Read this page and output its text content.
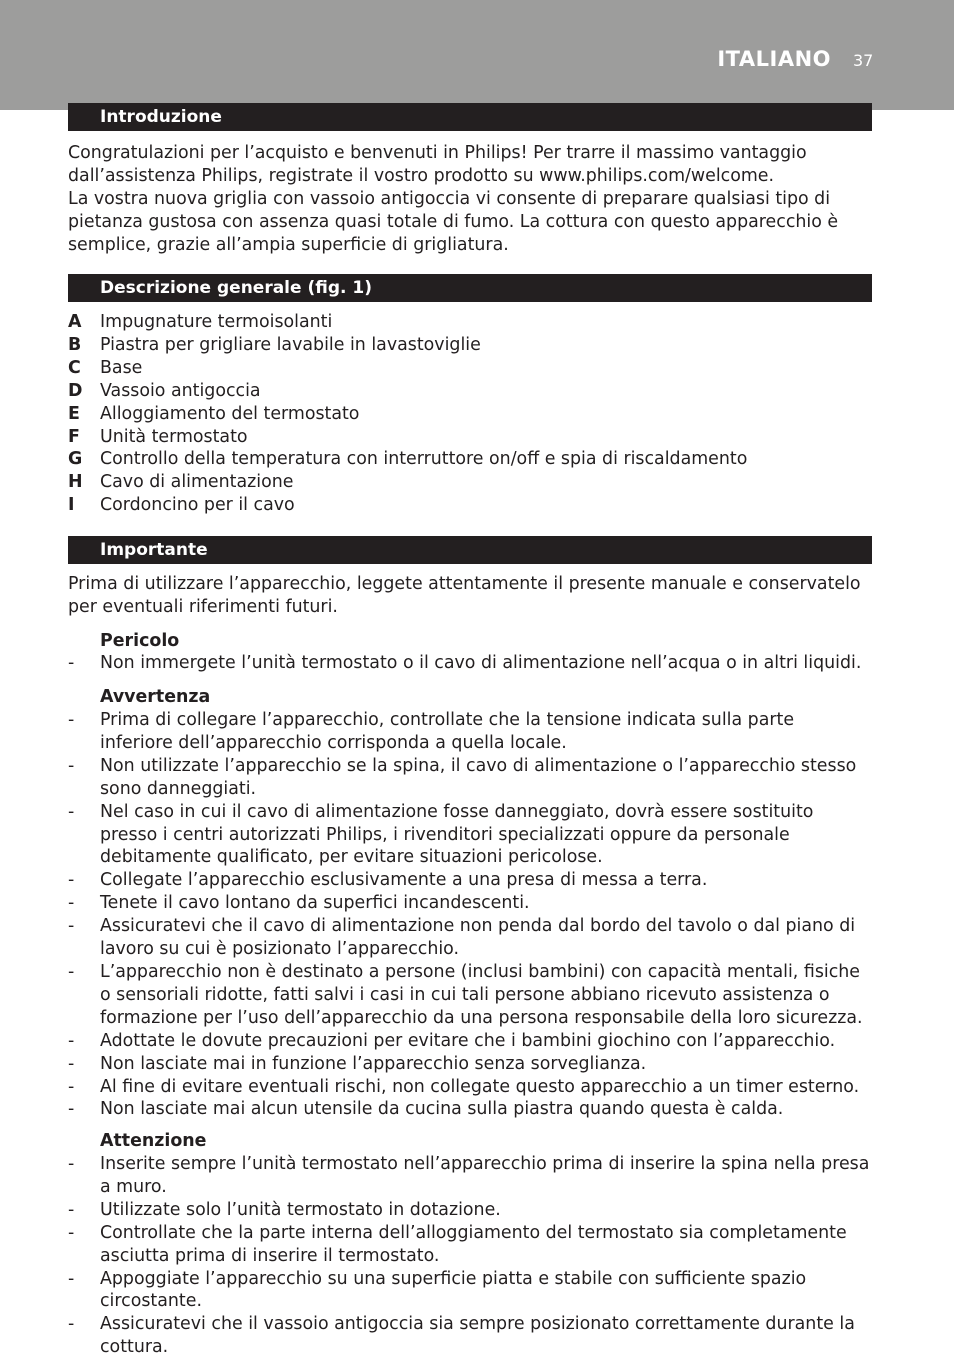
ITALIANO 37
Introduzione

Congratulazioni per l’acquisto e benvenuti in Philips! Per trarre il massimo vantaggio dall’assistenza Philips, registrate il vostro prodotto su www.philips.com/welcome.

La vostra nuova griglia con vassoio antigoccia vi consente di preparare qualsiasi tipo di pietanza gustosa con assenza quasi totale di fumo. La cottura con questo apparecchio è semplice, grazie all’ampia superficie di grigliatura.

Descrizione generale (fig. 1)
A Impugnature termoisolanti
B Piastra per grigliare lavabile in lavastoviglie
C Base
D Vassoio antigoccia
E Alloggiamento del termostato
F Unità termostato
G Controllo della temperatura con interruttore on/off e spia di riscaldamento
H Cavo di alimentazione
I Cordoncino per il cavo
Importante
Prima di utilizzare l’apparecchio, leggete attentamente il presente manuale e conservatelo per eventuali riferimenti futuri.
Pericolo
- Non immergete l’unità termostato o il cavo di alimentazione nell’acqua o in altri liquidi.
Avvertenza
- Prima di collegare l’apparecchio, controllate che la tensione indicata sulla parte inferiore dell’apparecchio corrisponda a quella locale.
- Non utilizzate l’apparecchio se la spina, il cavo di alimentazione o l’apparecchio stesso sono danneggiati.
- Nel caso in cui il cavo di alimentazione fosse danneggiato, dovrà essere sostituito presso i centri autorizzati Philips, i rivenditori specializzati oppure da personale debitamente qualificato, per evitare situazioni pericolose.
- Collegate l’apparecchio esclusivamente a una presa di messa a terra.
- Tenete il cavo lontano da superfici incandescenti.
- Assicuratevi che il cavo di alimentazione non penda dal bordo del tavolo o dal piano di lavoro su cui è posizionato l’apparecchio.
- L’apparecchio non è destinato a persone (inclusi bambini) con capacità mentali, fisiche o sensoriali ridotte, fatti salvi i casi in cui tali persone abbiano ricevuto assistenza o formazione per l’uso dell’apparecchio da una persona responsabile della loro sicurezza.
- Adottate le dovute precauzioni per evitare che i bambini giochino con l’apparecchio.
- Non lasciate mai in funzione l’apparecchio senza sorveglianza.
- Al fine di evitare eventuali rischi, non collegate questo apparecchio a un timer esterno.
- Non lasciate mai alcun utensile da cucina sulla piastra quando questa è calda.
Attenzione
- Inserite sempre l’unità termostato nell’apparecchio prima di inserire la spina nella presa a muro.
- Utilizzate solo l’unità termostato in dotazione.
- Controllate che la parte interna dell’alloggiamento del termostato sia completamente asciutta prima di inserire il termostato.
- Appoggiate l’apparecchio su una superficie piatta e stabile con sufficiente spazio circostante.
- Assicuratevi che il vassoio antigoccia sia sempre posizionato correttamente durante la cottura.
